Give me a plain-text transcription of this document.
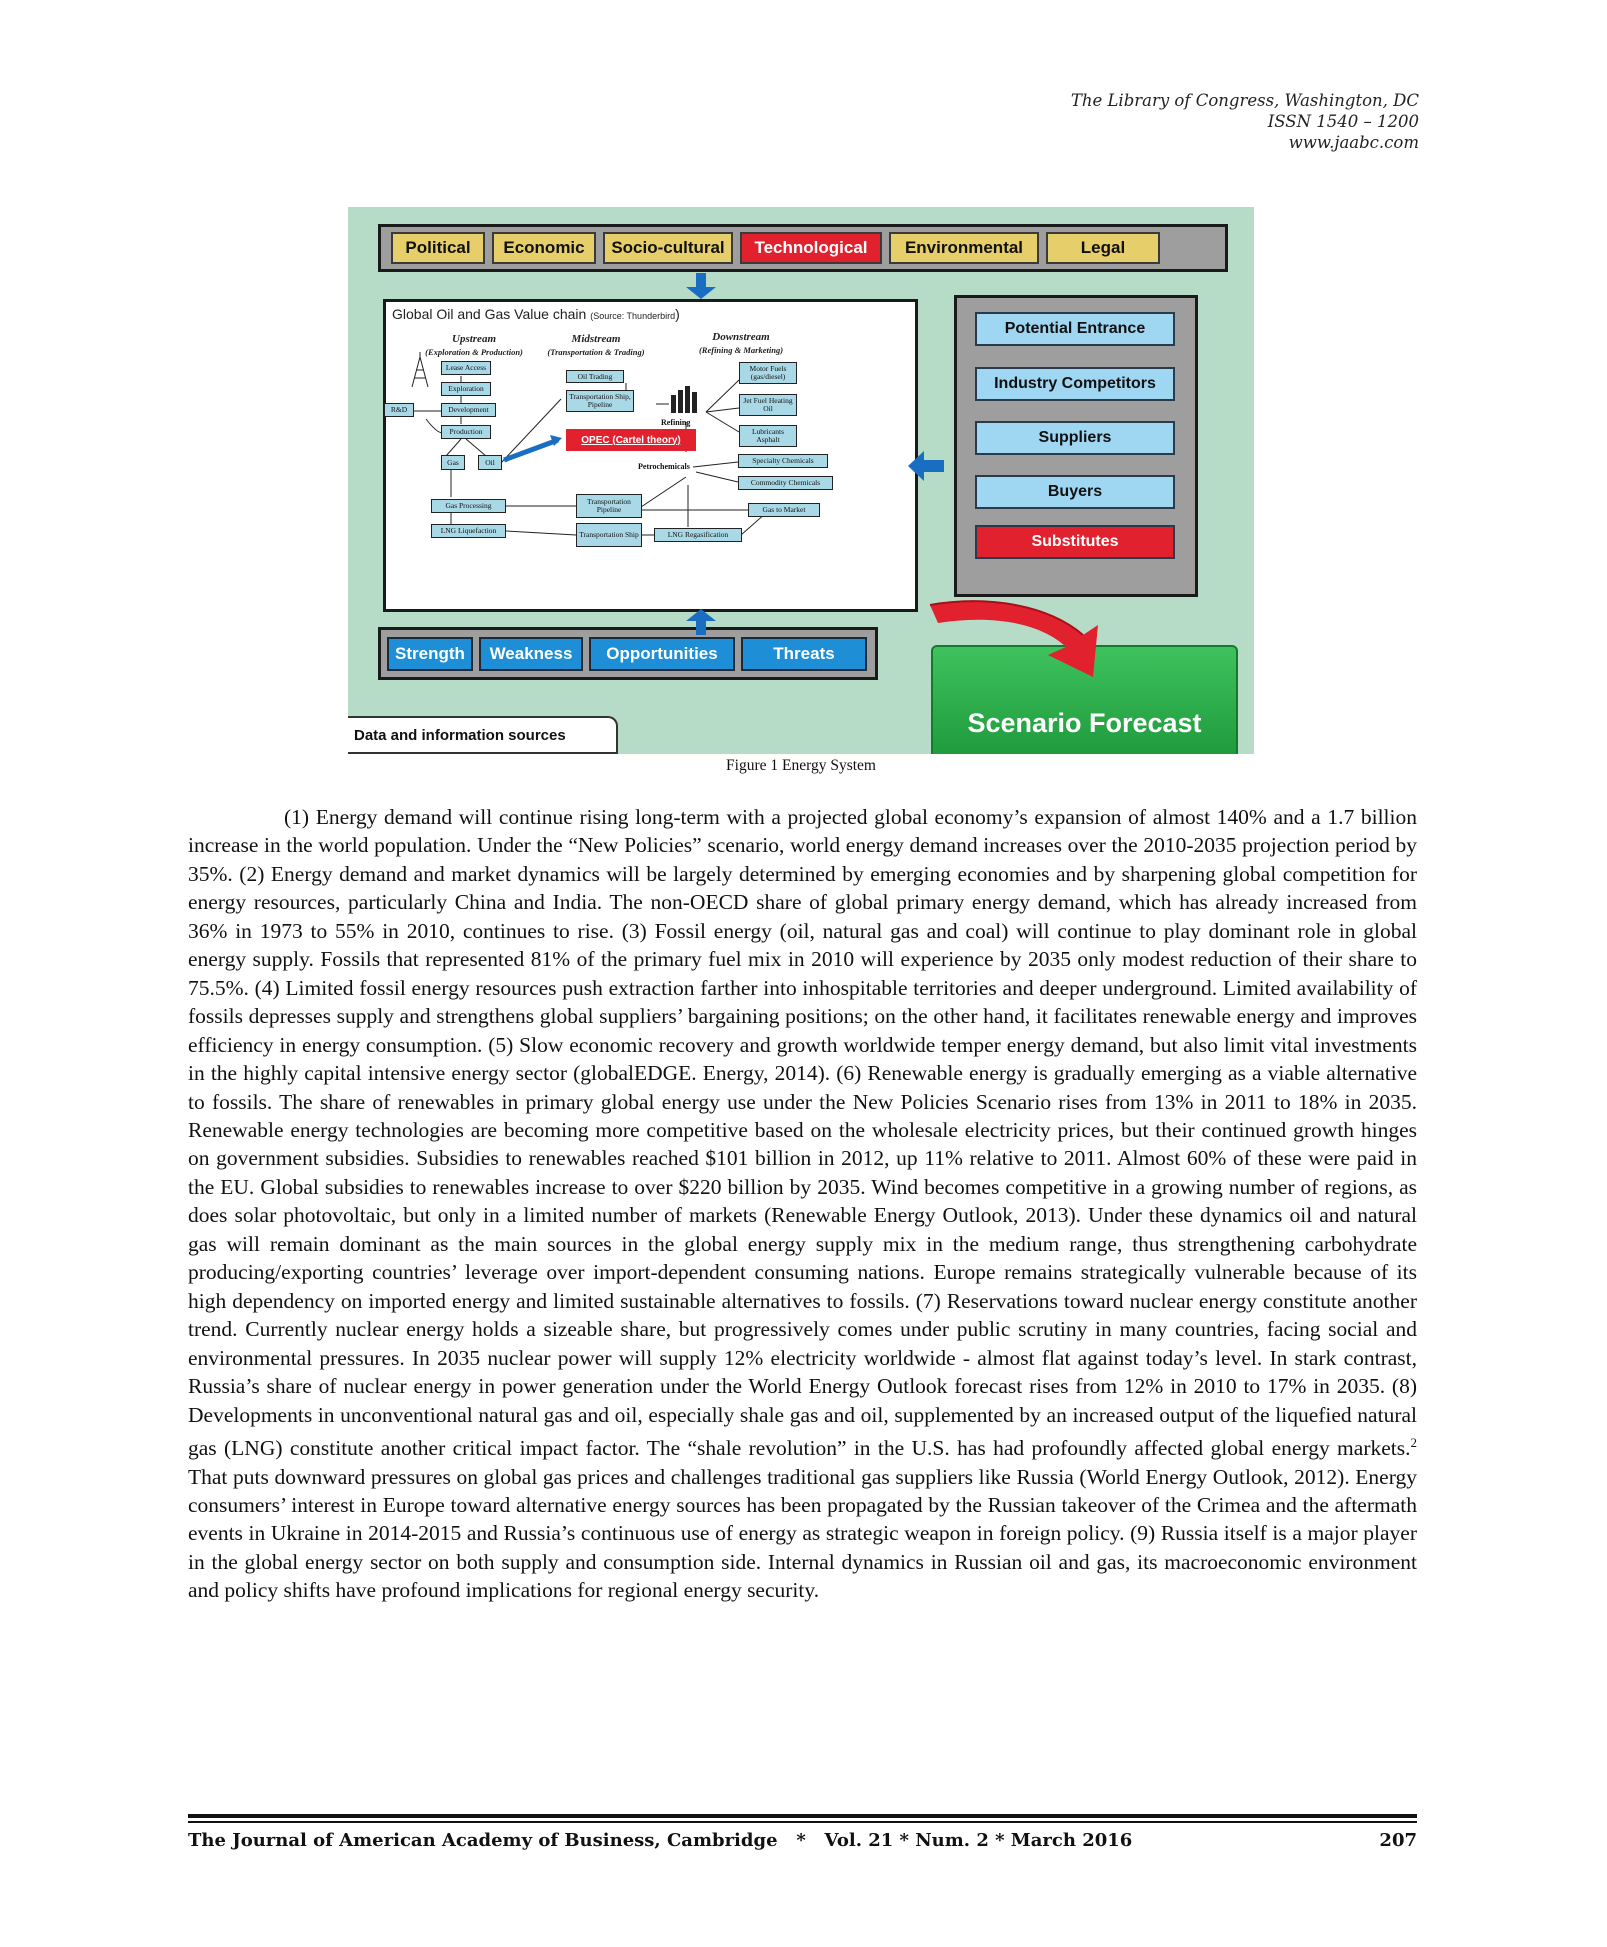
The Library of Congress, Washington, DC
ISSN 1540 – 1200
www.jaabc.com
Political	Economic	Socio-cultural	Technological	Environmental	Legal
Global Oil and Gas Value chain (Source: Thunderbird)
Upstream
(Exploration & Production)
Midstream
(Transportation & Trading)
Downstream
(Refining & Marketing)
Lease Access
Exploration
Development
Production
R&D
Gas	Oil
Oil Trading
Transportation Ship, Pipeline
Refining
Motor Fuels (gas/diesel)
Jet Fuel Heating Oil
Lubricants Asphalt
Specialty Chemicals
Commodity Chemicals
Petrochemicals
Gas Processing	Transportation Pipeline	Gas to Market
LNG Liquefaction	Transportation Ship	LNG Regasification
OPEC (Cartel theory)
Potential Entrance
Industry Competitors
Suppliers
Buyers
Substitutes
Strength	Weakness	Opportunities	Threats
Scenario Forecast
Data and information sources
Figure 1 Energy System
(1) Energy demand will continue rising long-term with a projected global economy’s expansion of almost 140% and a 1.7 billion increase in the world population. Under the “New Policies” scenario, world energy demand increases over the 2010-2035 projection period by 35%. (2) Energy demand and market dynamics will be largely determined by emerging economies and by sharpening global competition for energy resources, particularly China and India. The non-OECD share of global primary energy demand, which has already increased from 36% in 1973 to 55% in 2010, continues to rise. (3) Fossil energy (oil, natural gas and coal) will continue to play dominant role in global energy supply. Fossils that represented 81% of the primary fuel mix in 2010 will experience by 2035 only modest reduction of their share to 75.5%. (4) Limited fossil energy resources push extraction farther into inhospitable territories and deeper underground. Limited availability of fossils depresses supply and strengthens global suppliers’ bargaining positions; on the other hand, it facilitates renewable energy and improves efficiency in energy consumption. (5) Slow economic recovery and growth worldwide temper energy demand, but also limit vital investments in the highly capital intensive energy sector (globalEDGE. Energy, 2014). (6) Renewable energy is gradually emerging as a viable alternative to fossils. The share of renewables in primary global energy use under the New Policies Scenario rises from 13% in 2011 to 18% in 2035. Renewable energy technologies are becoming more competitive based on the wholesale electricity prices, but their continued growth hinges on government subsidies. Subsidies to renewables reached $101 billion in 2012, up 11% relative to 2011. Almost 60% of these were paid in the EU. Global subsidies to renewables increase to over $220 billion by 2035. Wind becomes competitive in a growing number of regions, as does solar photovoltaic, but only in a limited number of markets (Renewable Energy Outlook, 2013). Under these dynamics oil and natural gas will remain dominant as the main sources in the global energy supply mix in the medium range, thus strengthening carbohydrate producing/exporting countries’ leverage over import-dependent consuming nations. Europe remains strategically vulnerable because of its high dependency on imported energy and limited sustainable alternatives to fossils. (7) Reservations toward nuclear energy constitute another trend. Currently nuclear energy holds a sizeable share, but progressively comes under public scrutiny in many countries, facing social and environmental pressures. In 2035 nuclear power will supply 12% electricity worldwide - almost flat against today’s level. In stark contrast, Russia’s share of nuclear energy in power generation under the World Energy Outlook forecast rises from 12% in 2010 to 17% in 2035. (8) Developments in unconventional natural gas and oil, especially shale gas and oil, supplemented by an increased output of the liquefied natural gas (LNG) constitute another critical impact factor. The “shale revolution” in the U.S. has had profoundly affected global energy markets.$^2$ That puts downward pressures on global gas prices and challenges traditional gas suppliers like Russia (World Energy Outlook, 2012). Energy consumers’ interest in Europe toward alternative energy sources has been propagated by the Russian takeover of the Crimea and the aftermath events in Ukraine in 2014-2015 and Russia’s continuous use of energy as strategic weapon in foreign policy. (9) Russia itself is a major player in the global energy sector on both supply and consumption side. Internal dynamics in Russian oil and gas, its macroeconomic environment and policy shifts have profound implications for regional energy security.
The Journal of American Academy of Business, Cambridge   *   Vol. 21 * Num. 2 * March 2016	207
